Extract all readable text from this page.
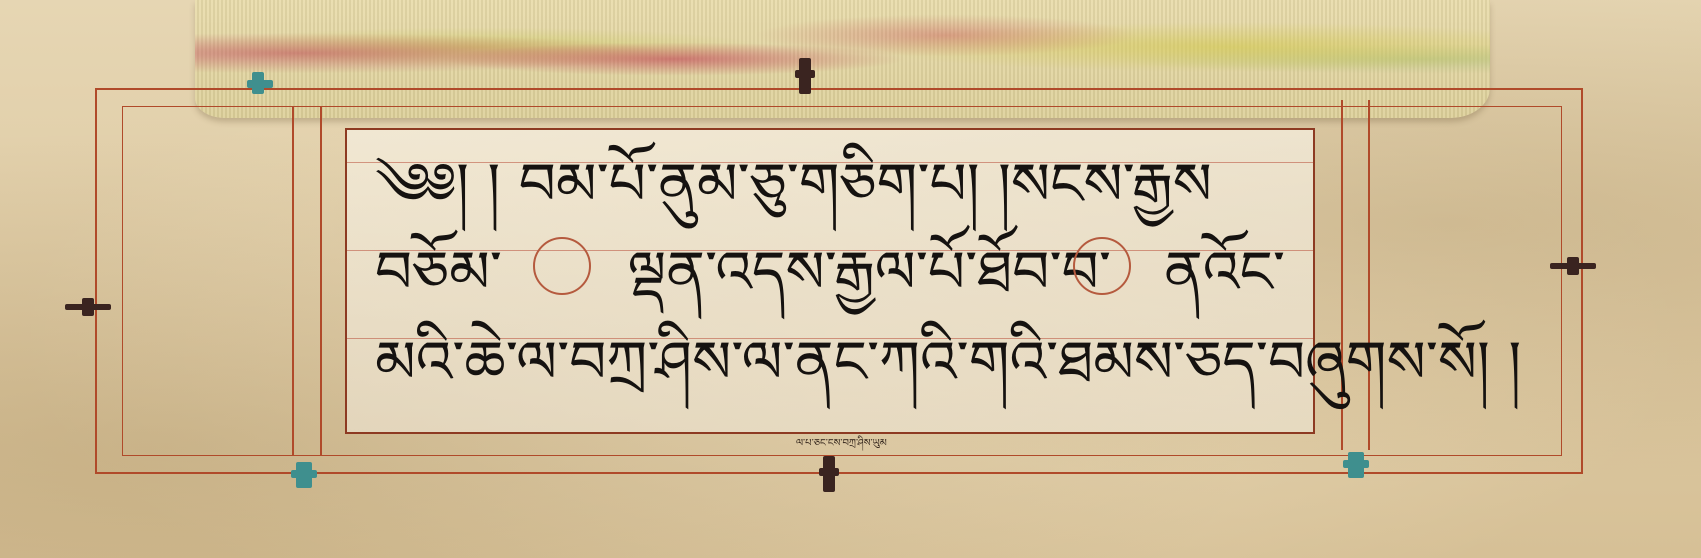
༄༅། ། བམ་པོ་ནུམ་ཅུ་གཅིག་པ། །སངས་རྒྱས
བཅོམ་	ལྡན་འདས་རྒྱལ་པོ་ཐོབ་བ་ ནའོང་
མའི་ཆེ་ལ་བཀྲ་ཤིས་ལ་ནང་ཀའི་གའི་ཐམས་ཅད་བཞུགས་སོ། །
ལ་པ་ཅང་ངས་བཀྲ་ཤིས་ཡུམ
